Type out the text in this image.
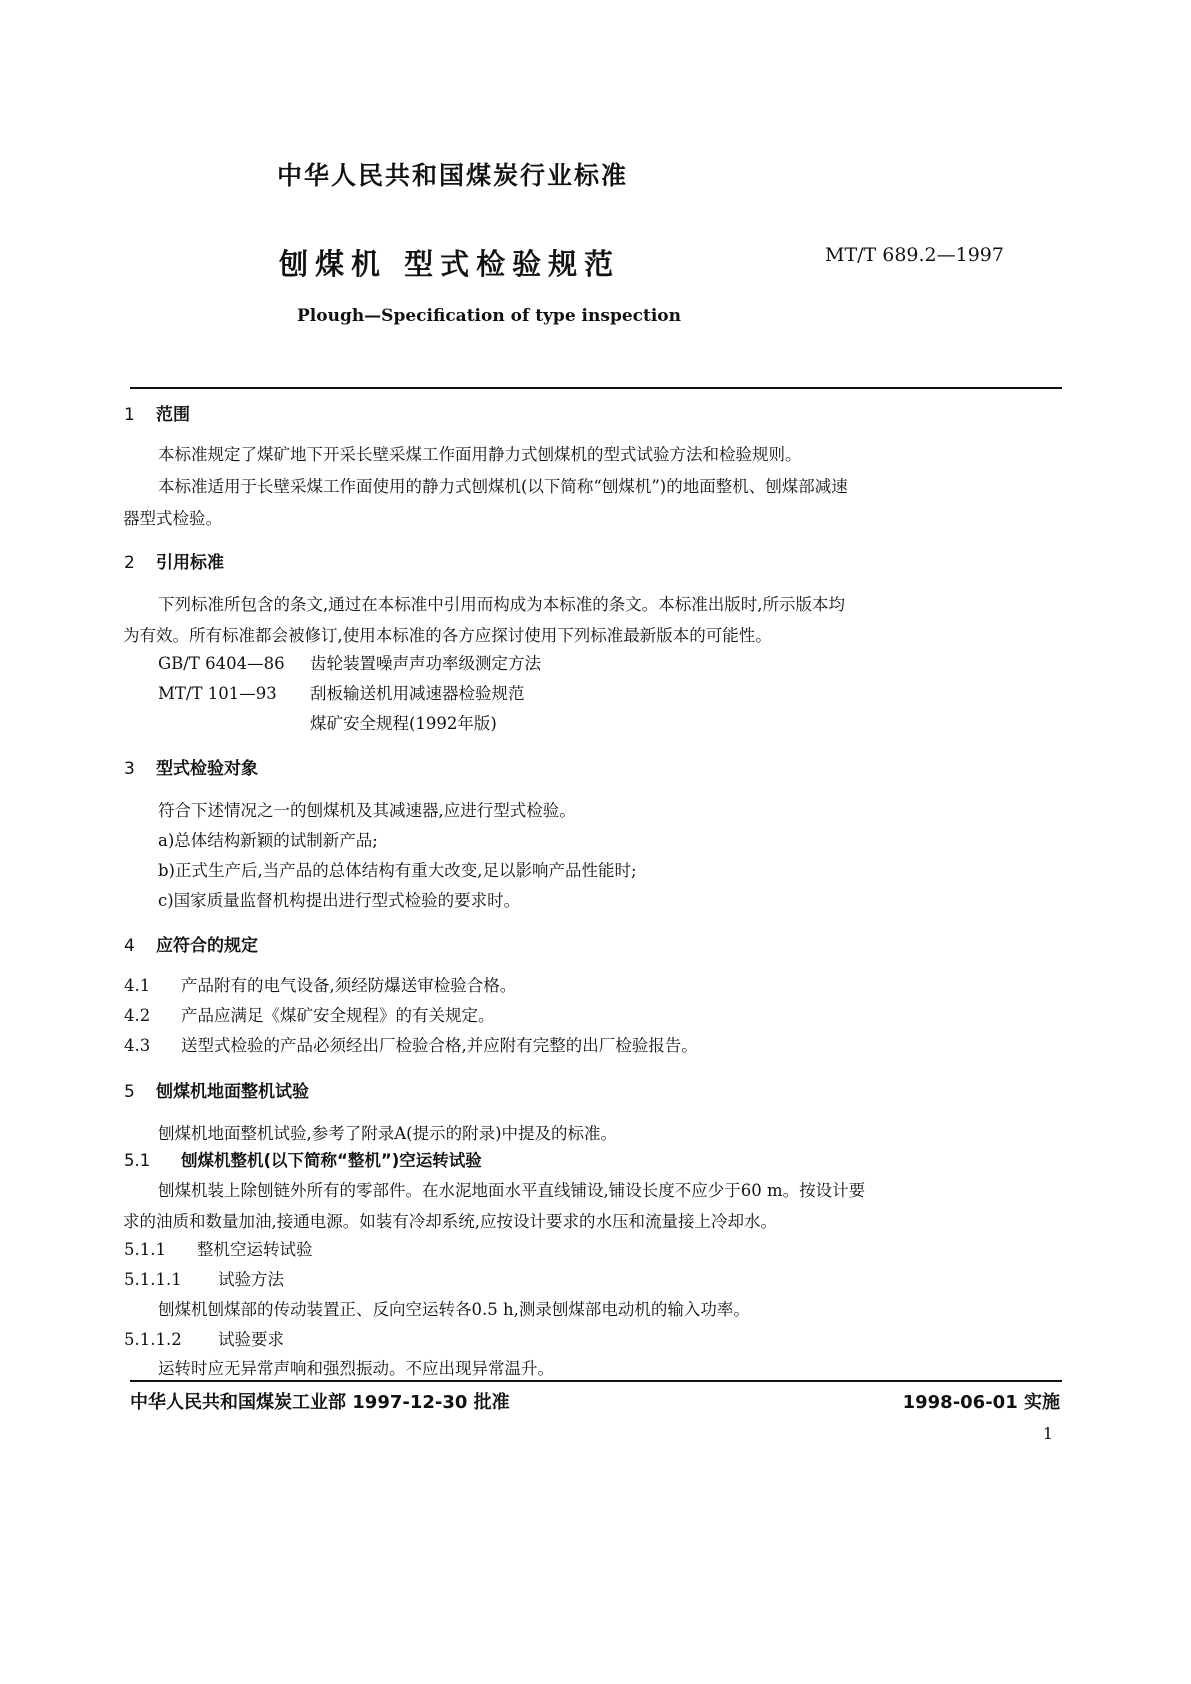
中华人民共和国煤炭行业标准
刨煤机 型式检验规范	MT/T 689.2—1997
Plough—Specification of type inspection
1 范围
本标准规定了煤矿地下开采长壁采煤工作面用静力式刨煤机的型式试验方法和检验规则。
本标准适用于长壁采煤工作面使用的静力式刨煤机(以下简称“刨煤机”)的地面整机、刨煤部减速
器型式检验。
2 引用标准
下列标准所包含的条文,通过在本标准中引用而构成为本标准的条文。本标准出版时,所示版本均
为有效。所有标准都会被修订,使用本标准的各方应探讨使用下列标准最新版本的可能性。
GB/T 6404—86 齿轮装置噪声声功率级测定方法
MT/T 101—93 刮板输送机用减速器检验规范
煤矿安全规程(1992年版)
3 型式检验对象
符合下述情况之一的刨煤机及其减速器,应进行型式检验。
a)总体结构新颖的试制新产品;
b)正式生产后,当产品的总体结构有重大改变,足以影响产品性能时;
c)国家质量监督机构提出进行型式检验的要求时。
4 应符合的规定
4.1 产品附有的电气设备,须经防爆送审检验合格。
4.2 产品应满足《煤矿安全规程》的有关规定。
4.3 送型式检验的产品必须经出厂检验合格,并应附有完整的出厂检验报告。
5 刨煤机地面整机试验
刨煤机地面整机试验,参考了附录A(提示的附录)中提及的标准。
5.1 刨煤机整机(以下简称“整机”)空运转试验
刨煤机装上除刨链外所有的零部件。在水泥地面水平直线铺设,铺设长度不应少于60 m。按设计要
求的油质和数量加油,接通电源。如装有冷却系统,应按设计要求的水压和流量接上冷却水。
5.1.1 整机空运转试验
5.1.1.1 试验方法
刨煤机刨煤部的传动装置正、反向空运转各0.5 h,测录刨煤部电动机的输入功率。
5.1.1.2 试验要求
运转时应无异常声响和强烈振动。不应出现异常温升。
中华人民共和国煤炭工业部 1997-12-30 批准	1998-06-01 实施
1
